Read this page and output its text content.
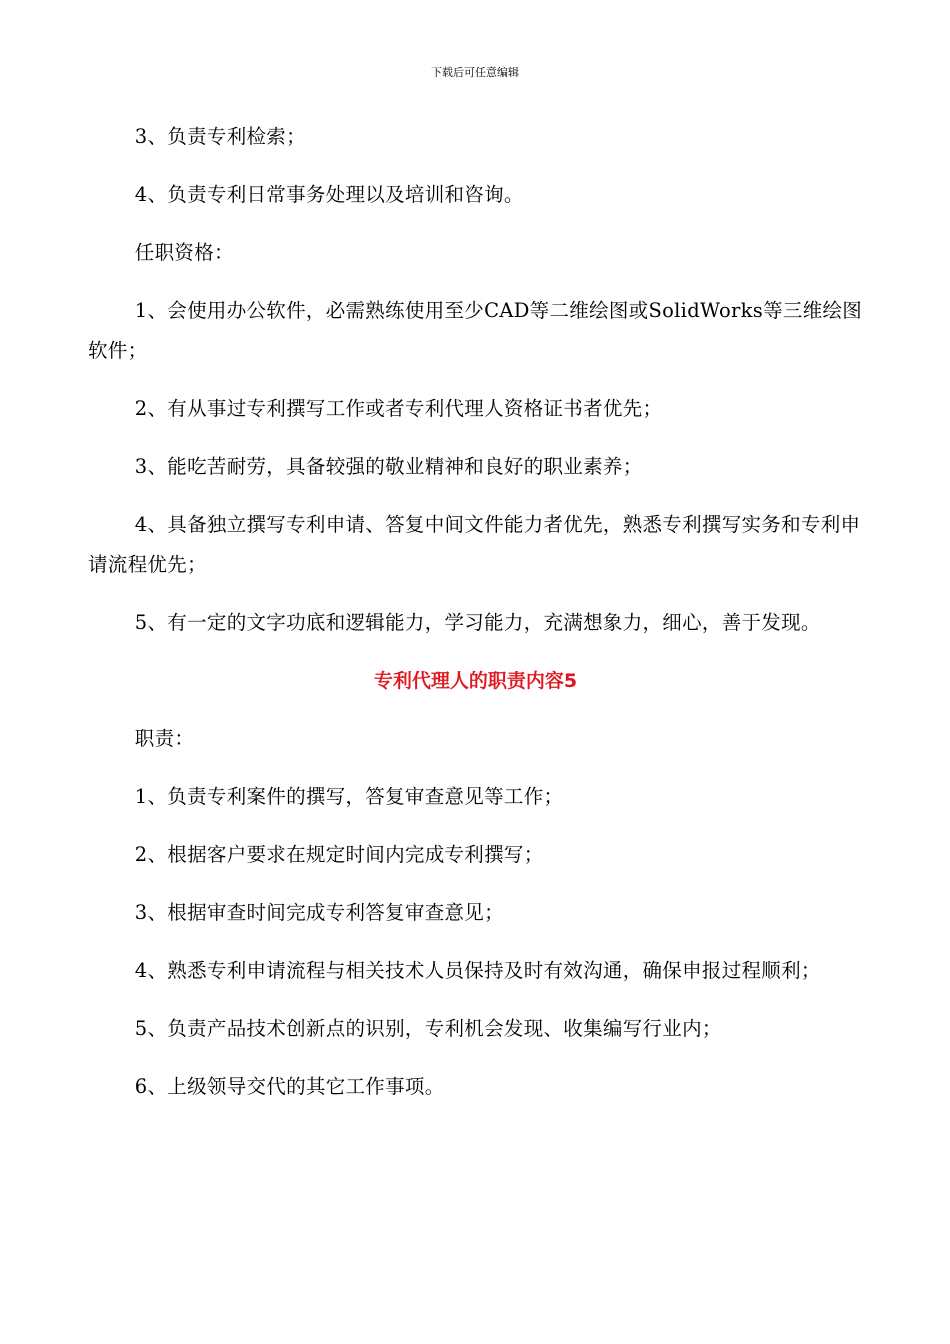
下载后可任意编辑

3、负责专利检索；

4、负责专利日常事务处理以及培训和咨询。

任职资格：

1、会使用办公软件，必需熟练使用至少CAD等二维绘图或SolidWorks等三维绘图软件；

2、有从事过专利撰写工作或者专利代理人资格证书者优先；

3、能吃苦耐劳，具备较强的敬业精神和良好的职业素养；

4、具备独立撰写专利申请、答复中间文件能力者优先，熟悉专利撰写实务和专利申请流程优先；

5、有一定的文字功底和逻辑能力，学习能力，充满想象力，细心，善于发现。

专利代理人的职责内容5

职责：

1、负责专利案件的撰写，答复审查意见等工作；

2、根据客户要求在规定时间内完成专利撰写；

3、根据审查时间完成专利答复审查意见；

4、熟悉专利申请流程与相关技术人员保持及时有效沟通，确保申报过程顺利；

5、负责产品技术创新点的识别，专利机会发现、收集编写行业内；

6、上级领导交代的其它工作事项。
